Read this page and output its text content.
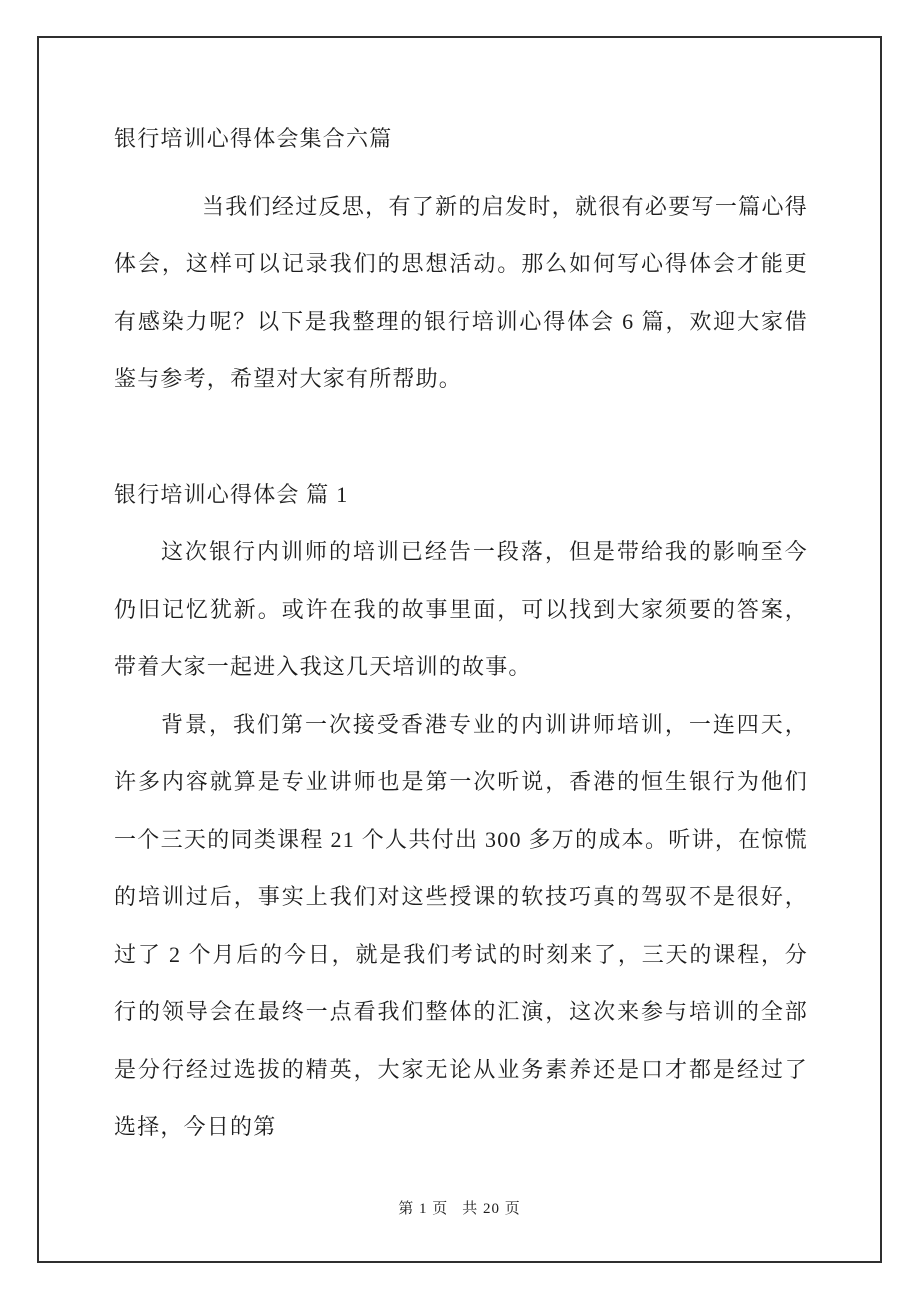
银行培训心得体会集合六篇

当我们经过反思，有了新的启发时，就很有必要写一篇心得体会，这样可以记录我们的思想活动。那么如何写心得体会才能更有感染力呢？以下是我整理的银行培训心得体会 6 篇，欢迎大家借鉴与参考，希望对大家有所帮助。

银行培训心得体会 篇 1

这次银行内训师的培训已经告一段落，但是带给我的影响至今仍旧记忆犹新。或许在我的故事里面，可以找到大家须要的答案，带着大家一起进入我这几天培训的故事。

背景，我们第一次接受香港专业的内训讲师培训，一连四天，许多内容就算是专业讲师也是第一次听说，香港的恒生银行为他们一个三天的同类课程 21 个人共付出 300 多万的成本。听讲，在惊慌的培训过后，事实上我们对这些授课的软技巧真的驾驭不是很好，过了 2 个月后的今日，就是我们考试的时刻来了，三天的课程，分行的领导会在最终一点看我们整体的汇演，这次来参与培训的全部是分行经过选拔的精英，大家无论从业务素养还是口才都是经过了选择，今日的第

第 1 页 共 20 页
